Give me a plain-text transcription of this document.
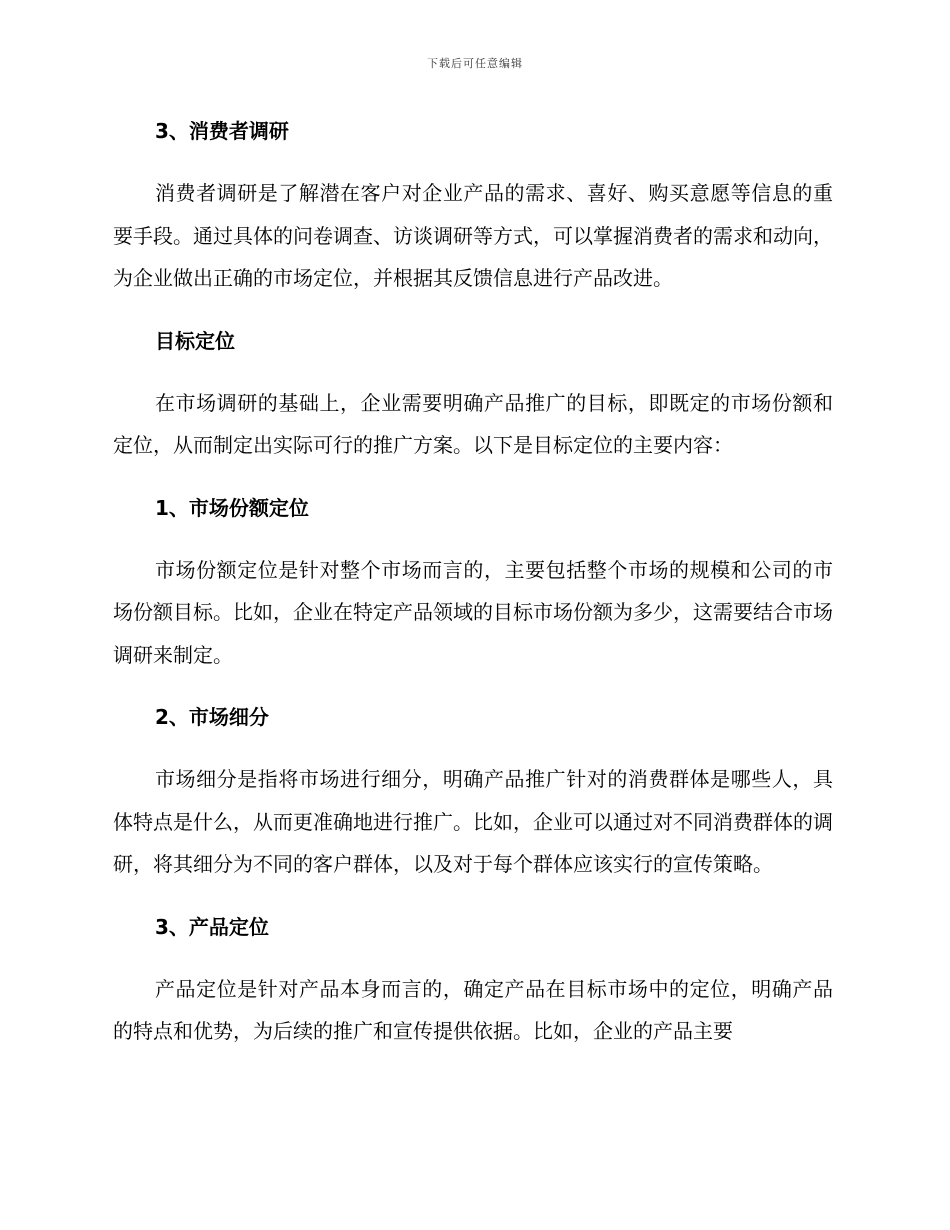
下载后可任意编辑
3、消费者调研

消费者调研是了解潜在客户对企业产品的需求、喜好、购买意愿等信息的重要手段。通过具体的问卷调查、访谈调研等方式，可以掌握消费者的需求和动向，为企业做出正确的市场定位，并根据其反馈信息进行产品改进。

目标定位

在市场调研的基础上，企业需要明确产品推广的目标，即既定的市场份额和定位，从而制定出实际可行的推广方案。以下是目标定位的主要内容：

1、市场份额定位

市场份额定位是针对整个市场而言的，主要包括整个市场的规模和公司的市场份额目标。比如，企业在特定产品领域的目标市场份额为多少，这需要结合市场调研来制定。

2、市场细分

市场细分是指将市场进行细分，明确产品推广针对的消费群体是哪些人，具体特点是什么，从而更准确地进行推广。比如，企业可以通过对不同消费群体的调研，将其细分为不同的客户群体，以及对于每个群体应该实行的宣传策略。

3、产品定位

产品定位是针对产品本身而言的，确定产品在目标市场中的定位，明确产品的特点和优势，为后续的推广和宣传提供依据。比如，企业的产品主要
